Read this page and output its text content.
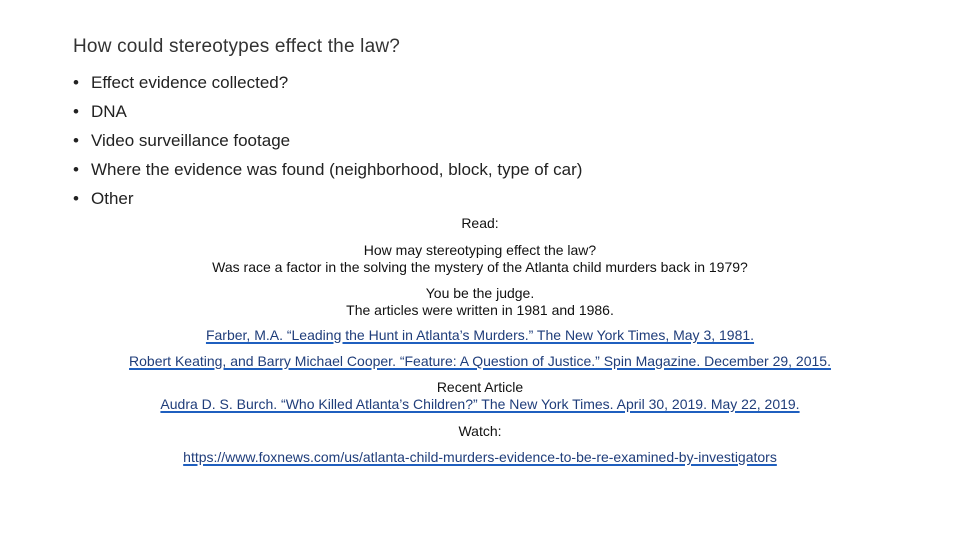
How could stereotypes effect the law?
• Effect evidence collected?
• DNA
• Video surveillance footage
• Where the evidence was found (neighborhood, block, type of car)
• Other
Read:
How may stereotyping effect the law?
Was race a factor in the solving the mystery of the Atlanta child murders back in 1979?
You be the judge.
The articles were written in 1981 and 1986.
Farber, M.A. “Leading the Hunt in Atlanta’s Murders.” The New York Times, May 3, 1981.
Robert Keating, and Barry Michael Cooper. “Feature: A Question of Justice.” Spin Magazine. December 29, 2015.
Recent Article
Audra D. S. Burch. “Who Killed Atlanta’s Children?” The New York Times. April 30, 2019. May 22, 2019.
Watch:
https://www.foxnews.com/us/atlanta-child-murders-evidence-to-be-re-examined-by-investigators
